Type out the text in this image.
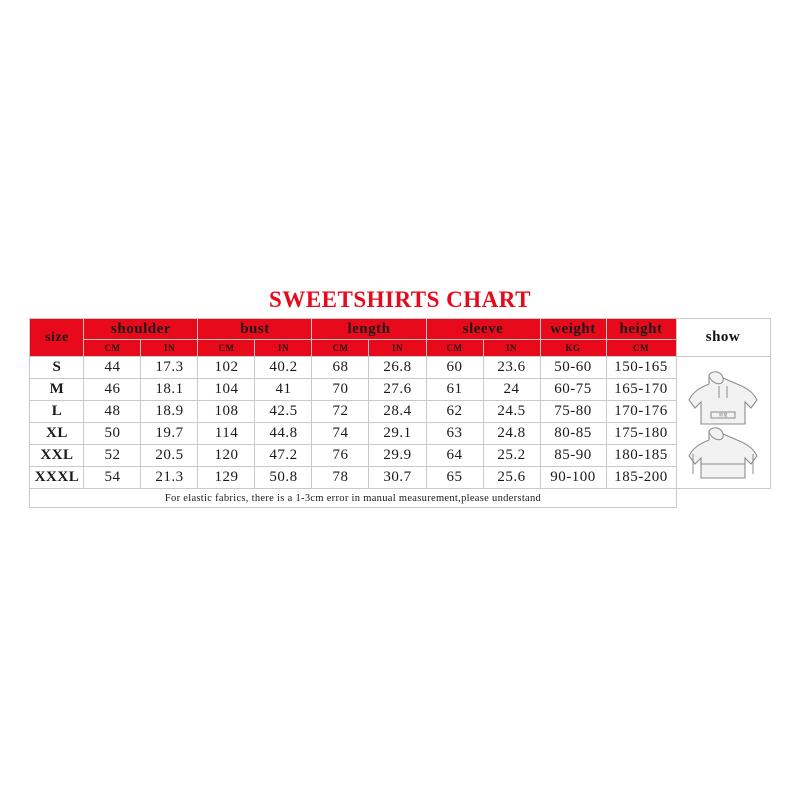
SWEETSHIRTS CHART
size	shoulder		bust		length		sleeve		weight	height	show
	CM	IN	CM	IN	CM	IN	CM	IN	KG	CM	
S	44	17.3	102	40.2	68	26.8	60	23.6	50-60	150-165	肩宽

M	46	18.1	104	41	70	27.6	61	24	60-75	165-170	
L	48	18.9	108	42.5	72	28.4	62	24.5	75-80	170-176	
XL	50	19.7	114	44.8	74	29.1	63	24.8	80-85	175-180	
XXL	52	20.5	120	47.2	76	29.9	64	25.2	85-90	180-185	
XXXL	54	21.3	129	50.8	78	30.7	65	25.6	90-100	185-200	
For elastic fabrics, there is a 1-3cm error in manual measurement,please understand											
